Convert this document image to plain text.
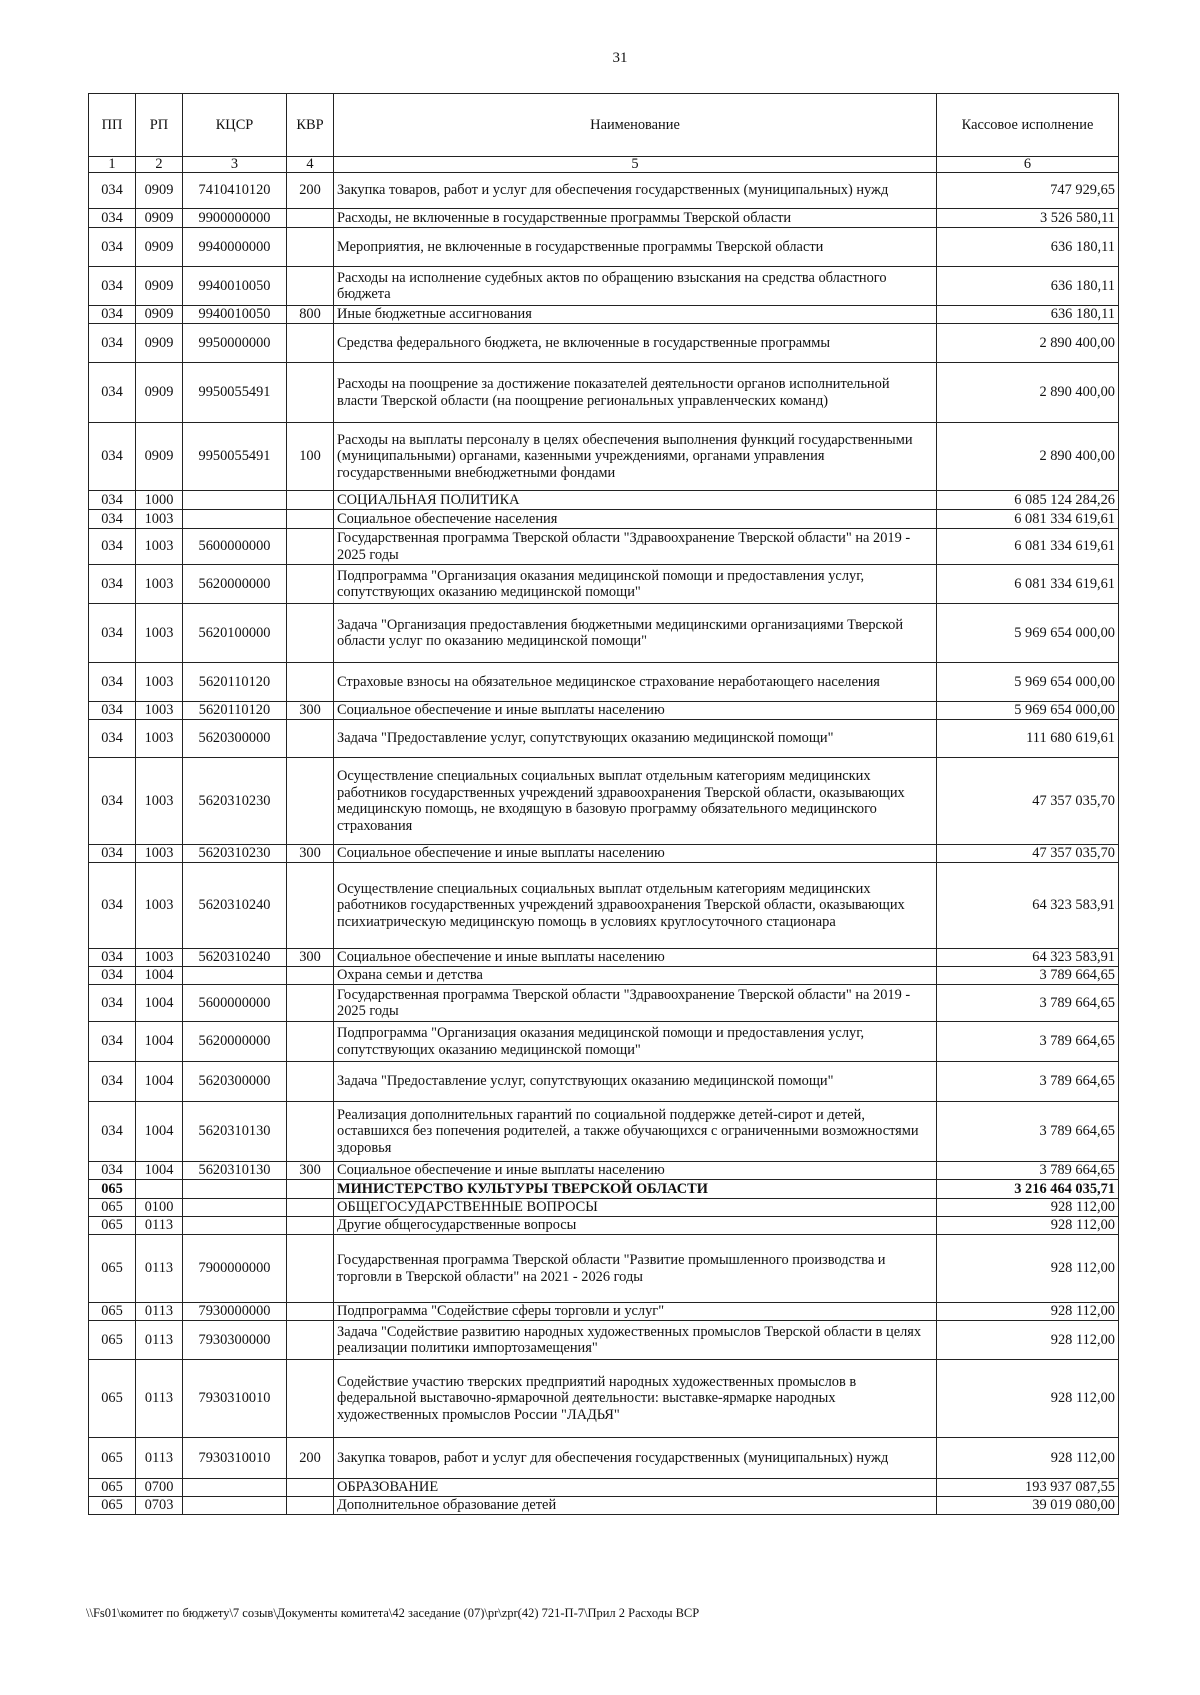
31
ПП	РП	КЦСР	КВР	Наименование	Кассовое исполнение
1	2	3	4	5	6
034	0909	7410410120	200	Закупка товаров, работ и услуг для обеспечения государственных (муниципальных) нужд	747 929,65
034	0909	9900000000		Расходы, не включенные в государственные программы Тверской области	3 526 580,11
034	0909	9940000000		Мероприятия, не включенные в государственные программы Тверской области	636 180,11
034	0909	9940010050		Расходы на исполнение судебных актов по обращению взыскания на средства областного бюджета	636 180,11
034	0909	9940010050	800	Иные бюджетные ассигнования	636 180,11
034	0909	9950000000		Средства федерального бюджета, не включенные в государственные программы	2 890 400,00
034	0909	9950055491		Расходы на поощрение за достижение показателей деятельности органов исполнительной власти Тверской области (на поощрение региональных управленческих команд)	2 890 400,00
034	0909	9950055491	100	Расходы на выплаты персоналу в целях обеспечения выполнения функций государственными (муниципальными) органами, казенными учреждениями, органами управления государственными внебюджетными фондами	2 890 400,00
034	1000			СОЦИАЛЬНАЯ ПОЛИТИКА	6 085 124 284,26
034	1003			Социальное обеспечение населения	6 081 334 619,61
034	1003	5600000000		Государственная программа Тверской области "Здравоохранение Тверской области" на 2019 - 2025 годы	6 081 334 619,61
034	1003	5620000000		Подпрограмма "Организация оказания медицинской помощи и предоставления услуг, сопутствующих оказанию медицинской помощи"	6 081 334 619,61
034	1003	5620100000		Задача "Организация предоставления бюджетными медицинскими организациями Тверской области услуг по оказанию медицинской помощи"	5 969 654 000,00
034	1003	5620110120		Страховые взносы на обязательное медицинское страхование неработающего населения	5 969 654 000,00
034	1003	5620110120	300	Социальное обеспечение и иные выплаты населению	5 969 654 000,00
034	1003	5620300000		Задача "Предоставление услуг, сопутствующих оказанию медицинской помощи"	111 680 619,61
034	1003	5620310230		Осуществление специальных социальных выплат отдельным категориям медицинских работников государственных учреждений здравоохранения Тверской области, оказывающих медицинскую помощь, не входящую в базовую программу обязательного медицинского страхования	47 357 035,70
034	1003	5620310230	300	Социальное обеспечение и иные выплаты населению	47 357 035,70
034	1003	5620310240		Осуществление специальных социальных выплат отдельным категориям медицинских работников государственных учреждений здравоохранения Тверской области, оказывающих психиатрическую медицинскую помощь в условиях круглосуточного стационара	64 323 583,91
034	1003	5620310240	300	Социальное обеспечение и иные выплаты населению	64 323 583,91
034	1004			Охрана семьи и детства	3 789 664,65
034	1004	5600000000		Государственная программа Тверской области "Здравоохранение Тверской области" на 2019 - 2025 годы	3 789 664,65
034	1004	5620000000		Подпрограмма "Организация оказания медицинской помощи и предоставления услуг, сопутствующих оказанию медицинской помощи"	3 789 664,65
034	1004	5620300000		Задача "Предоставление услуг, сопутствующих оказанию медицинской помощи"	3 789 664,65
034	1004	5620310130		Реализация дополнительных гарантий по социальной поддержке детей-сирот и детей, оставшихся без попечения родителей, а также обучающихся с ограниченными возможностями здоровья	3 789 664,65
034	1004	5620310130	300	Социальное обеспечение и иные выплаты населению	3 789 664,65
065				МИНИСТЕРСТВО КУЛЬТУРЫ ТВЕРСКОЙ ОБЛАСТИ	3 216 464 035,71
065	0100			ОБЩЕГОСУДАРСТВЕННЫЕ ВОПРОСЫ	928 112,00
065	0113			Другие общегосударственные вопросы	928 112,00
065	0113	7900000000		Государственная программа Тверской области "Развитие промышленного производства и торговли в Тверской области" на 2021 - 2026 годы	928 112,00
065	0113	7930000000		Подпрограмма "Содействие сферы торговли и услуг"	928 112,00
065	0113	7930300000		Задача "Содействие развитию народных художественных промыслов Тверской области в целях реализации политики импортозамещения"	928 112,00
065	0113	7930310010		Содействие участию тверских предприятий народных художественных промыслов в федеральной выставочно-ярмарочной деятельности: выставке-ярмарке народных художественных промыслов России "ЛАДЬЯ"	928 112,00
065	0113	7930310010	200	Закупка товаров, работ и услуг для обеспечения государственных (муниципальных) нужд	928 112,00
065	0700			ОБРАЗОВАНИЕ	193 937 087,55
065	0703			Дополнительное образование детей	39 019 080,00
\\Fs01\комитет по бюджету\7 созыв\Документы комитета\42 заседание (07)\pr\zpr(42) 721-П-7\Прил 2 Расходы ВСР
